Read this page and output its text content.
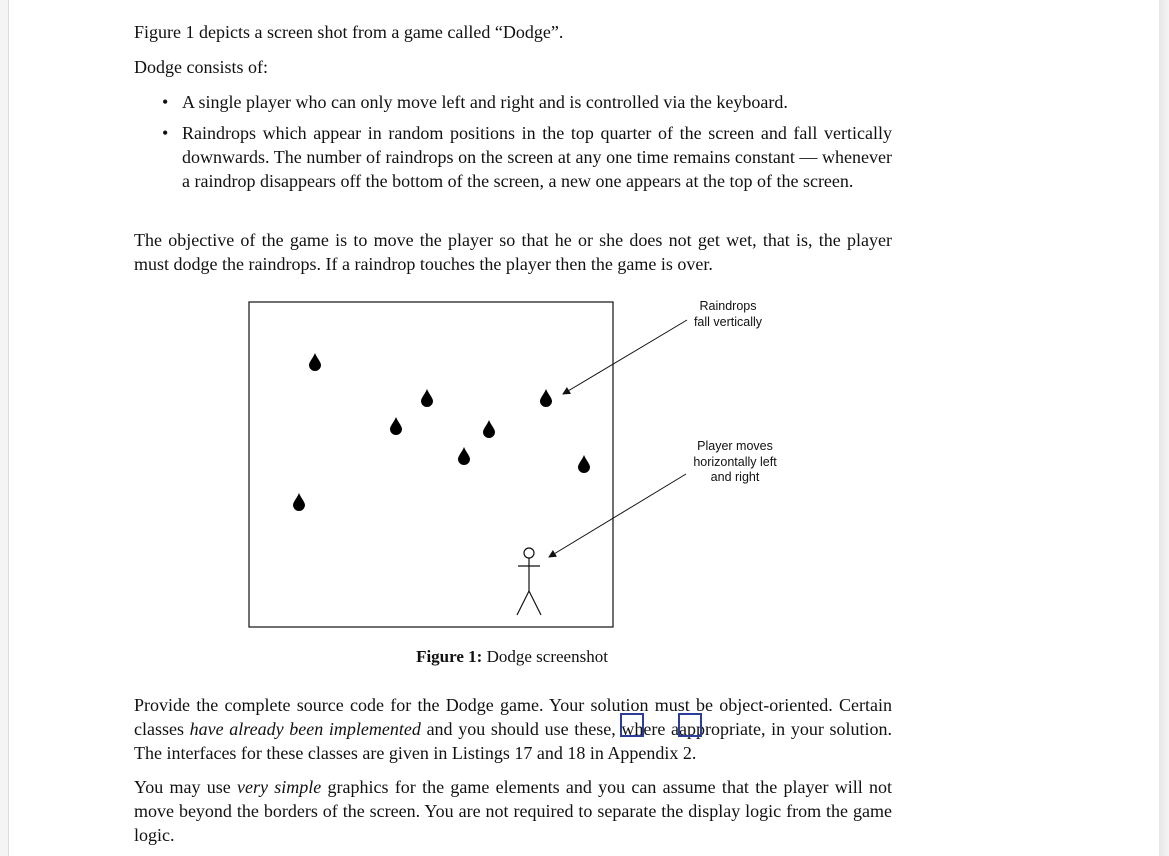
Figure 1 depicts a screen shot from a game called “Dodge”.

Dodge consists of:

• A single player who can only move left and right and is controlled via the keyboard.
• Raindrops which appear in random positions in the top quarter of the screen and fall vertically downwards. The number of raindrops on the screen at any one time remains constant — whenever a raindrop disappears off the bottom of the screen, a new one appears at the top of the screen.

The objective of the game is to move the player so that he or she does not get wet, that is, the player must dodge the raindrops. If a raindrop touches the player then the game is over.

Raindrops
fall vertically
Player moves
horizontally left
and right
Figure 1: Dodge screenshot

Provide the complete source code for the Dodge game. Your solution must be object-oriented. Certain classes have already been implemented and you should use these, where aappropriate, in your solution. The interfaces for these classes are given in Listings 17 and 18 in Appendix 2.

You may use very simple graphics for the game elements and you can assume that the player will not move beyond the borders of the screen. You are not required to separate the display logic from the game logic.
